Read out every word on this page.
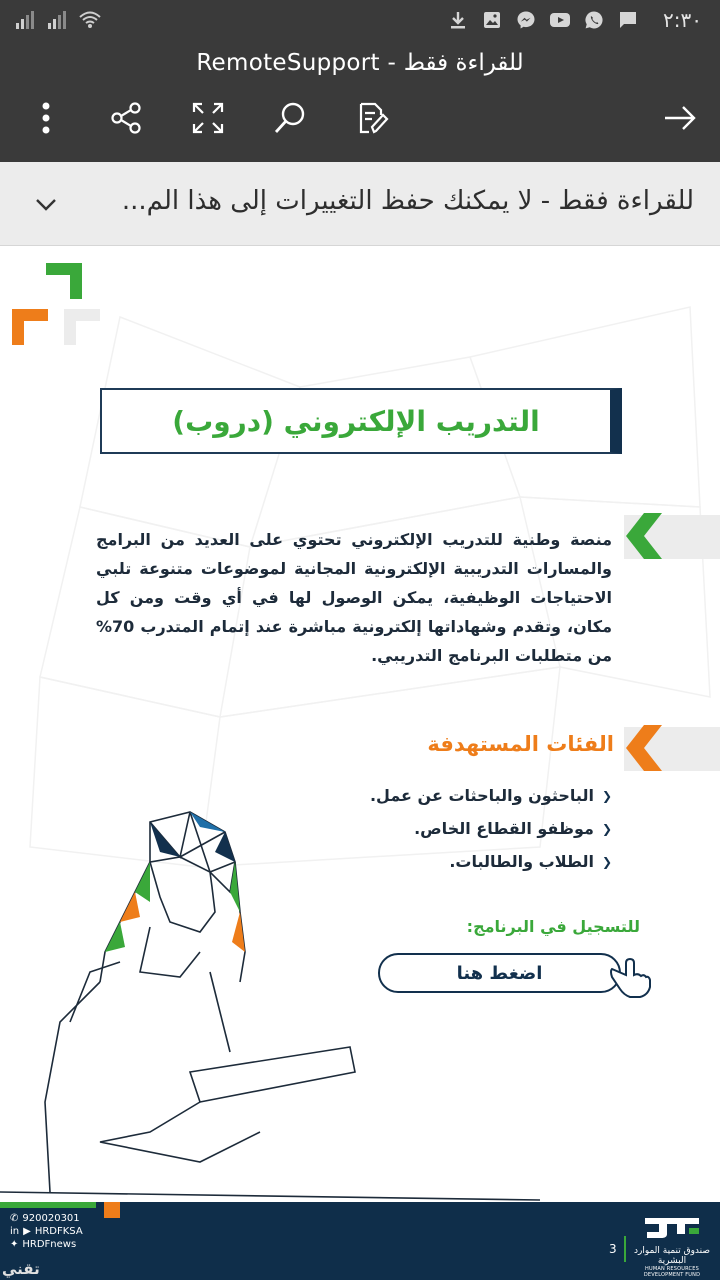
٢:٣٠
RemoteSupport - للقراءة فقط
للقراءة فقط - لا يمكنك حفظ التغييرات إلى هذا الم...
التدريب الإلكتروني (دروب)
منصة وطنية للتدريب الإلكتروني تحتوي على العديد من البرامج والمسارات التدريبية الإلكترونية المجانية لموضوعات متنوعة تلبي الاحتياجات الوظيفية، يمكن الوصول لها في أي وقت ومن كل مكان، وتقدم وشهاداتها إلكترونية مباشرة عند إتمام المتدرب 70% من متطلبات البرنامج التدريبي.
الفئات المستهدفة
❮
الباحثون والباحثات عن عمل.
❮
موظفو القطاع الخاص.
❮
الطلاب والطالبات.
للتسجيل في البرنامج:
اضغط هنا
✆ 920020301
in ▶ HRDFKSA
✦ HRDFnews	3 صندوق تنمية الموارد البشرية
HUMAN RESOURCES DEVELOPMENT FUND
تقني
